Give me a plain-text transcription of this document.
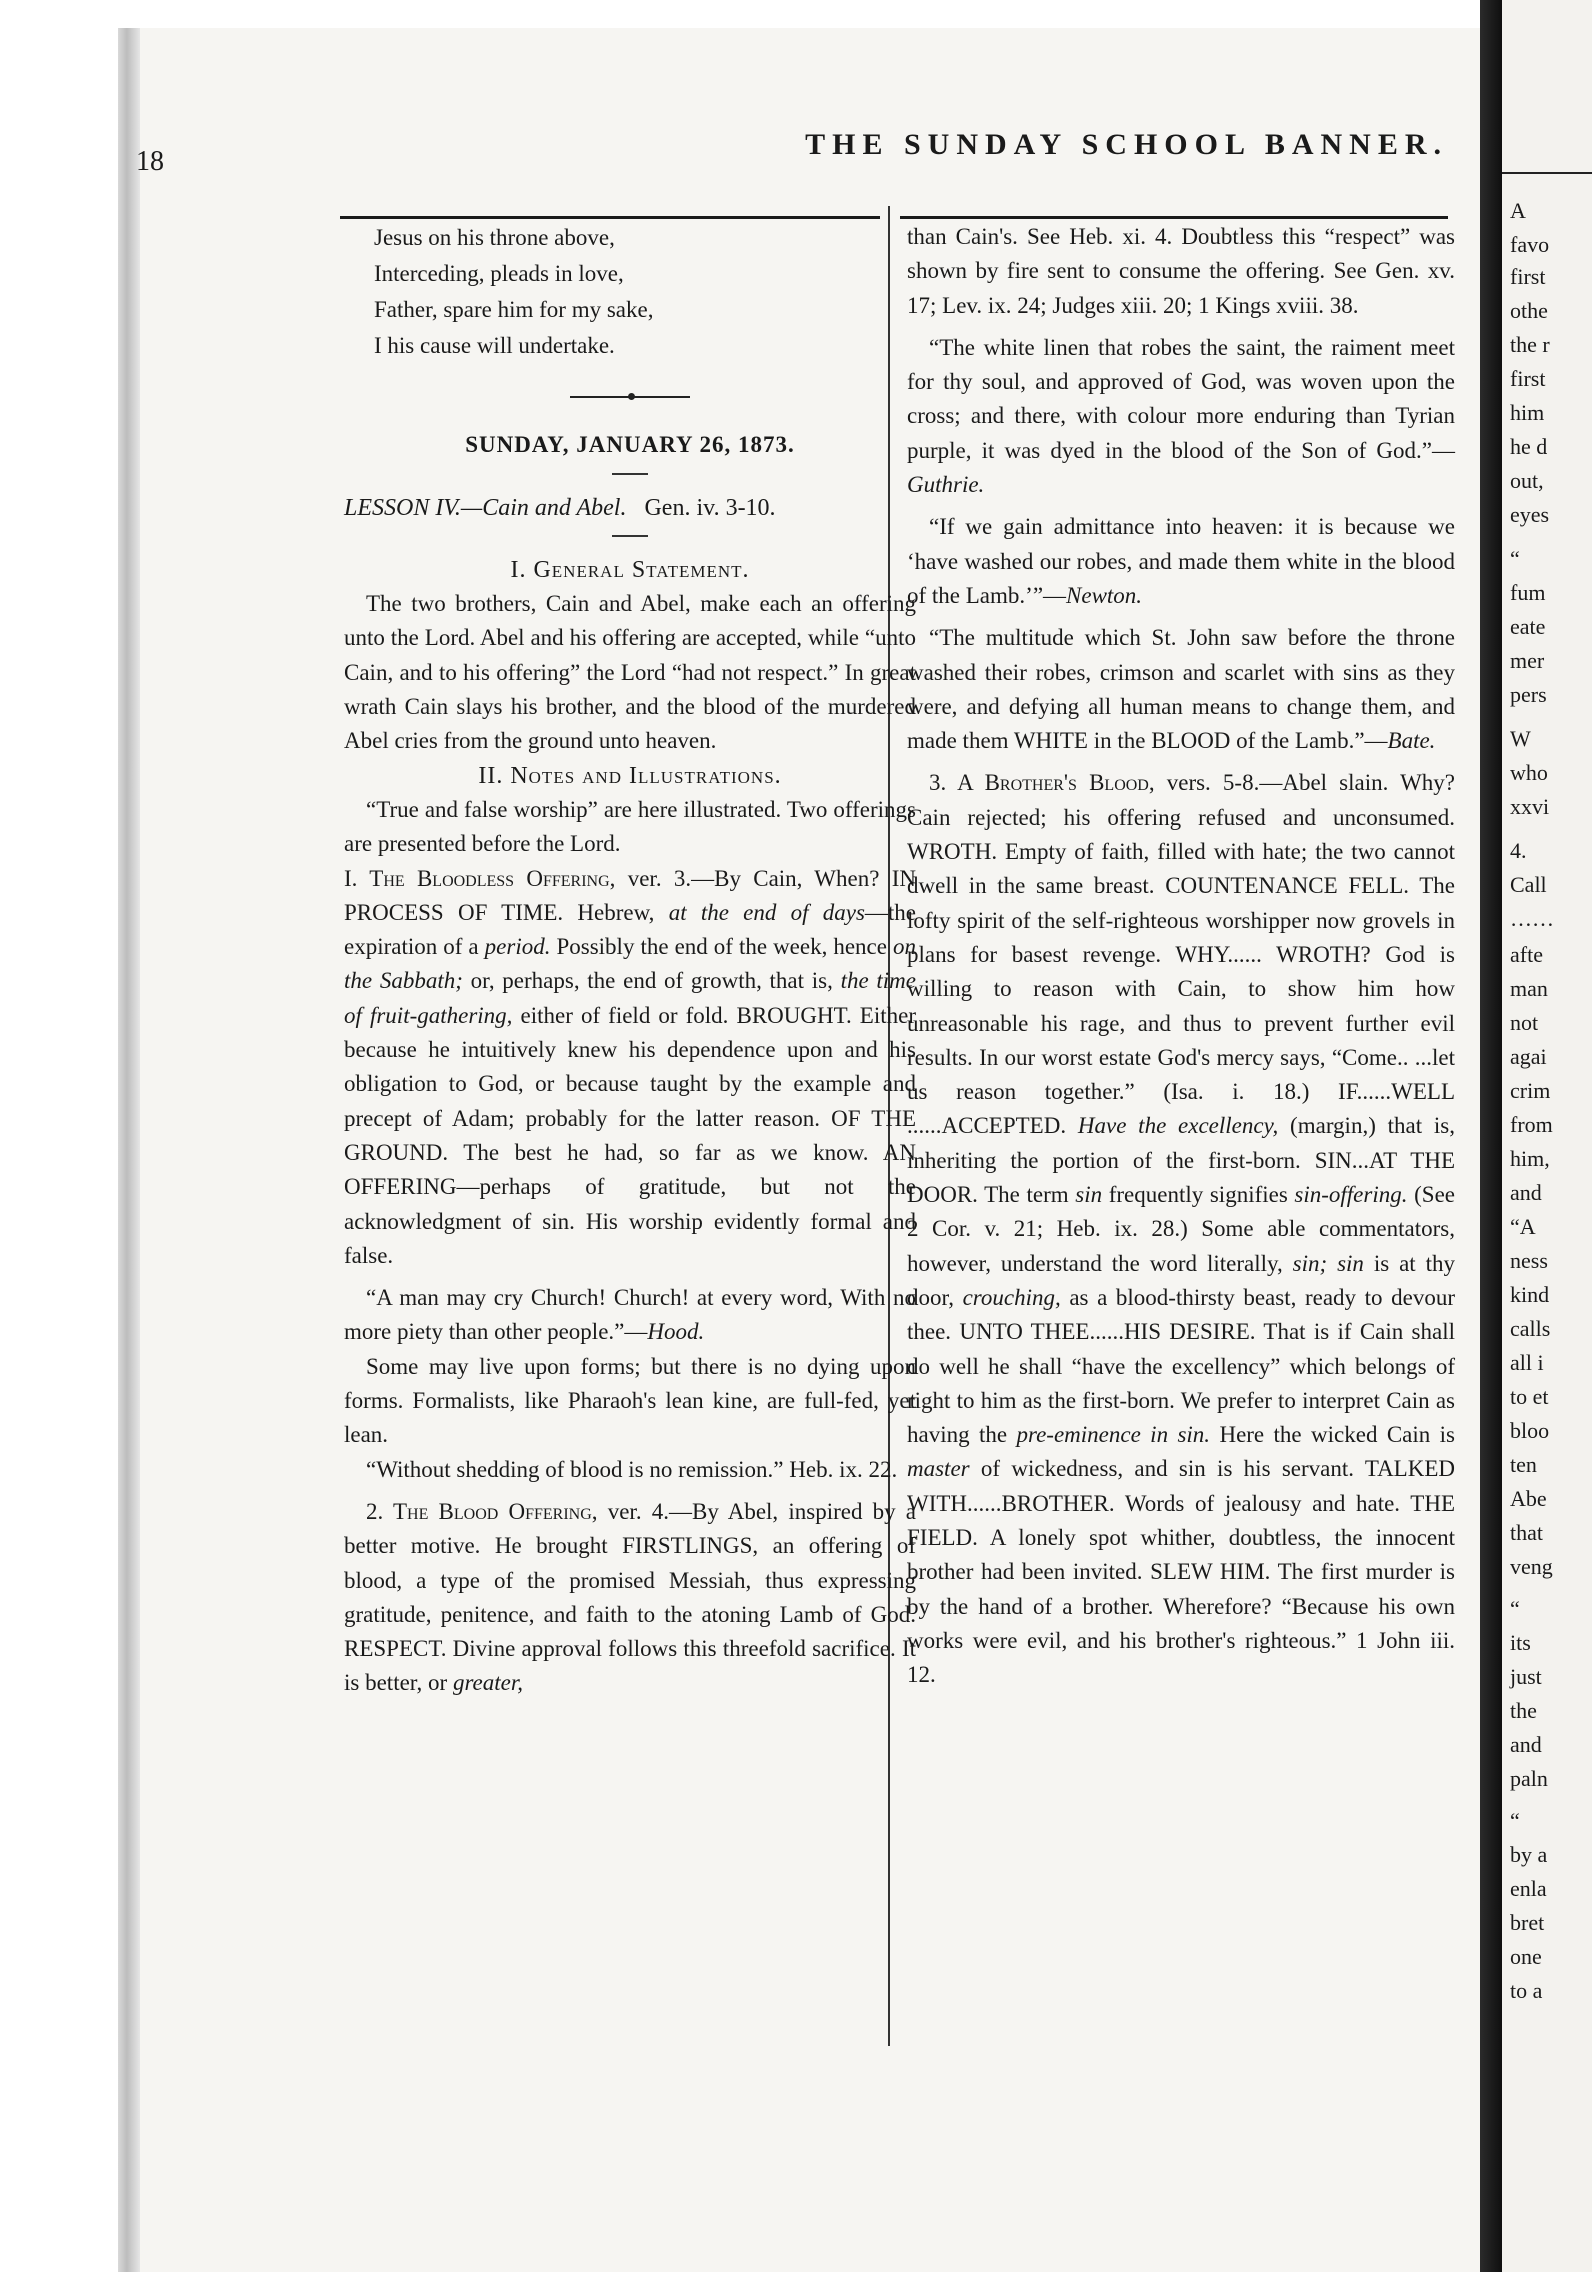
A
favo
first
othe
the r
first
him
he d
out,
eyes
“
fum
eate
mer
pers
W
who
xxvi
4.
Call
……
afte
man
not
agai
crim
from
him,
and
“A
ness
kind
calls
all i
to et
bloo
ten
Abe
that
veng
“
its
just
the
and
paln
“
by a
enla
bret
one
to a
18
THE SUNDAY SCHOOL BANNER.

Jesus on his throne above,
Interceding, pleads in love,
Father, spare him for my sake,
I his cause will undertake.

SUNDAY, JANUARY 26, 1873.

LESSON IV.—Cain and Abel. Gen. iv. 3-10.

I. General Statement.

The two brothers, Cain and Abel, make each an offering unto the Lord. Abel and his offering are accepted, while “unto Cain, and to his offering” the Lord “had not respect.” In great wrath Cain slays his brother, and the blood of the murdered Abel cries from the ground unto heaven.

II. Notes and Illustrations.

“True and false worship” are here illustrated. Two offerings are presented before the Lord.

I. The Bloodless Offering, ver. 3.—By Cain, When? IN PROCESS OF TIME. Hebrew, at the end of days—the expiration of a period. Possibly the end of the week, hence on the Sabbath; or, perhaps, the end of growth, that is, the time of fruit-gathering, either of field or fold. BROUGHT. Either because he intuitively knew his dependence upon and his obligation to God, or because taught by the example and precept of Adam; probably for the latter reason. OF THE GROUND. The best he had, so far as we know. AN OFFERING—perhaps of gratitude, but not the acknowledgment of sin. His worship evidently formal and false.

“A man may cry Church! Church! at every word, With no more piety than other people.”—Hood.

Some may live upon forms; but there is no dying upon forms. Formalists, like Pharaoh's lean kine, are full-fed, yet lean.

“Without shedding of blood is no remission.” Heb. ix. 22.

2. The Blood Offering, ver. 4.—By Abel, inspired by a better motive. He brought FIRSTLINGS, an offering of blood, a type of the promised Messiah, thus expressing gratitude, penitence, and faith to the atoning Lamb of God. RESPECT. Divine approval follows this threefold sacrifice. It is better, or greater,

than Cain's. See Heb. xi. 4. Doubtless this “respect” was shown by fire sent to consume the offering. See Gen. xv. 17; Lev. ix. 24; Judges xiii. 20; 1 Kings xviii. 38.

“The white linen that robes the saint, the raiment meet for thy soul, and approved of God, was woven upon the cross; and there, with colour more enduring than Tyrian purple, it was dyed in the blood of the Son of God.”—Guthrie.

“If we gain admittance into heaven: it is because we ‘have washed our robes, and made them white in the blood of the Lamb.’”—Newton.

“The multitude which St. John saw before the throne washed their robes, crimson and scarlet with sins as they were, and defying all human means to change them, and made them WHITE in the BLOOD of the Lamb.”—Bate.

3. A Brother's Blood, vers. 5-8.—Abel slain. Why? Cain rejected; his offering refused and unconsumed. WROTH. Empty of faith, filled with hate; the two cannot dwell in the same breast. COUNTENANCE FELL. The lofty spirit of the self-righteous worshipper now grovels in plans for basest revenge. WHY...... WROTH? God is willing to reason with Cain, to show him how unreasonable his rage, and thus to prevent further evil results. In our worst estate God's mercy says, “Come.. ...let us reason together.” (Isa. i. 18.) IF......WELL ......ACCEPTED. Have the excellency, (margin,) that is, inheriting the portion of the first-born. SIN...AT THE DOOR. The term sin frequently signifies sin-offering. (See 2 Cor. v. 21; Heb. ix. 28.) Some able commentators, however, understand the word literally, sin; sin is at thy door, crouching, as a blood-thirsty beast, ready to devour thee. UNTO THEE......HIS DESIRE. That is if Cain shall do well he shall “have the excellency” which belongs of right to him as the first-born. We prefer to interpret Cain as having the pre-eminence in sin. Here the wicked Cain is master of wickedness, and sin is his servant. TALKED WITH......BROTHER. Words of jealousy and hate. THE FIELD. A lonely spot whither, doubtless, the innocent brother had been invited. SLEW HIM. The first murder is by the hand of a brother. Wherefore? “Because his own works were evil, and his brother's righteous.” 1 John iii. 12.
